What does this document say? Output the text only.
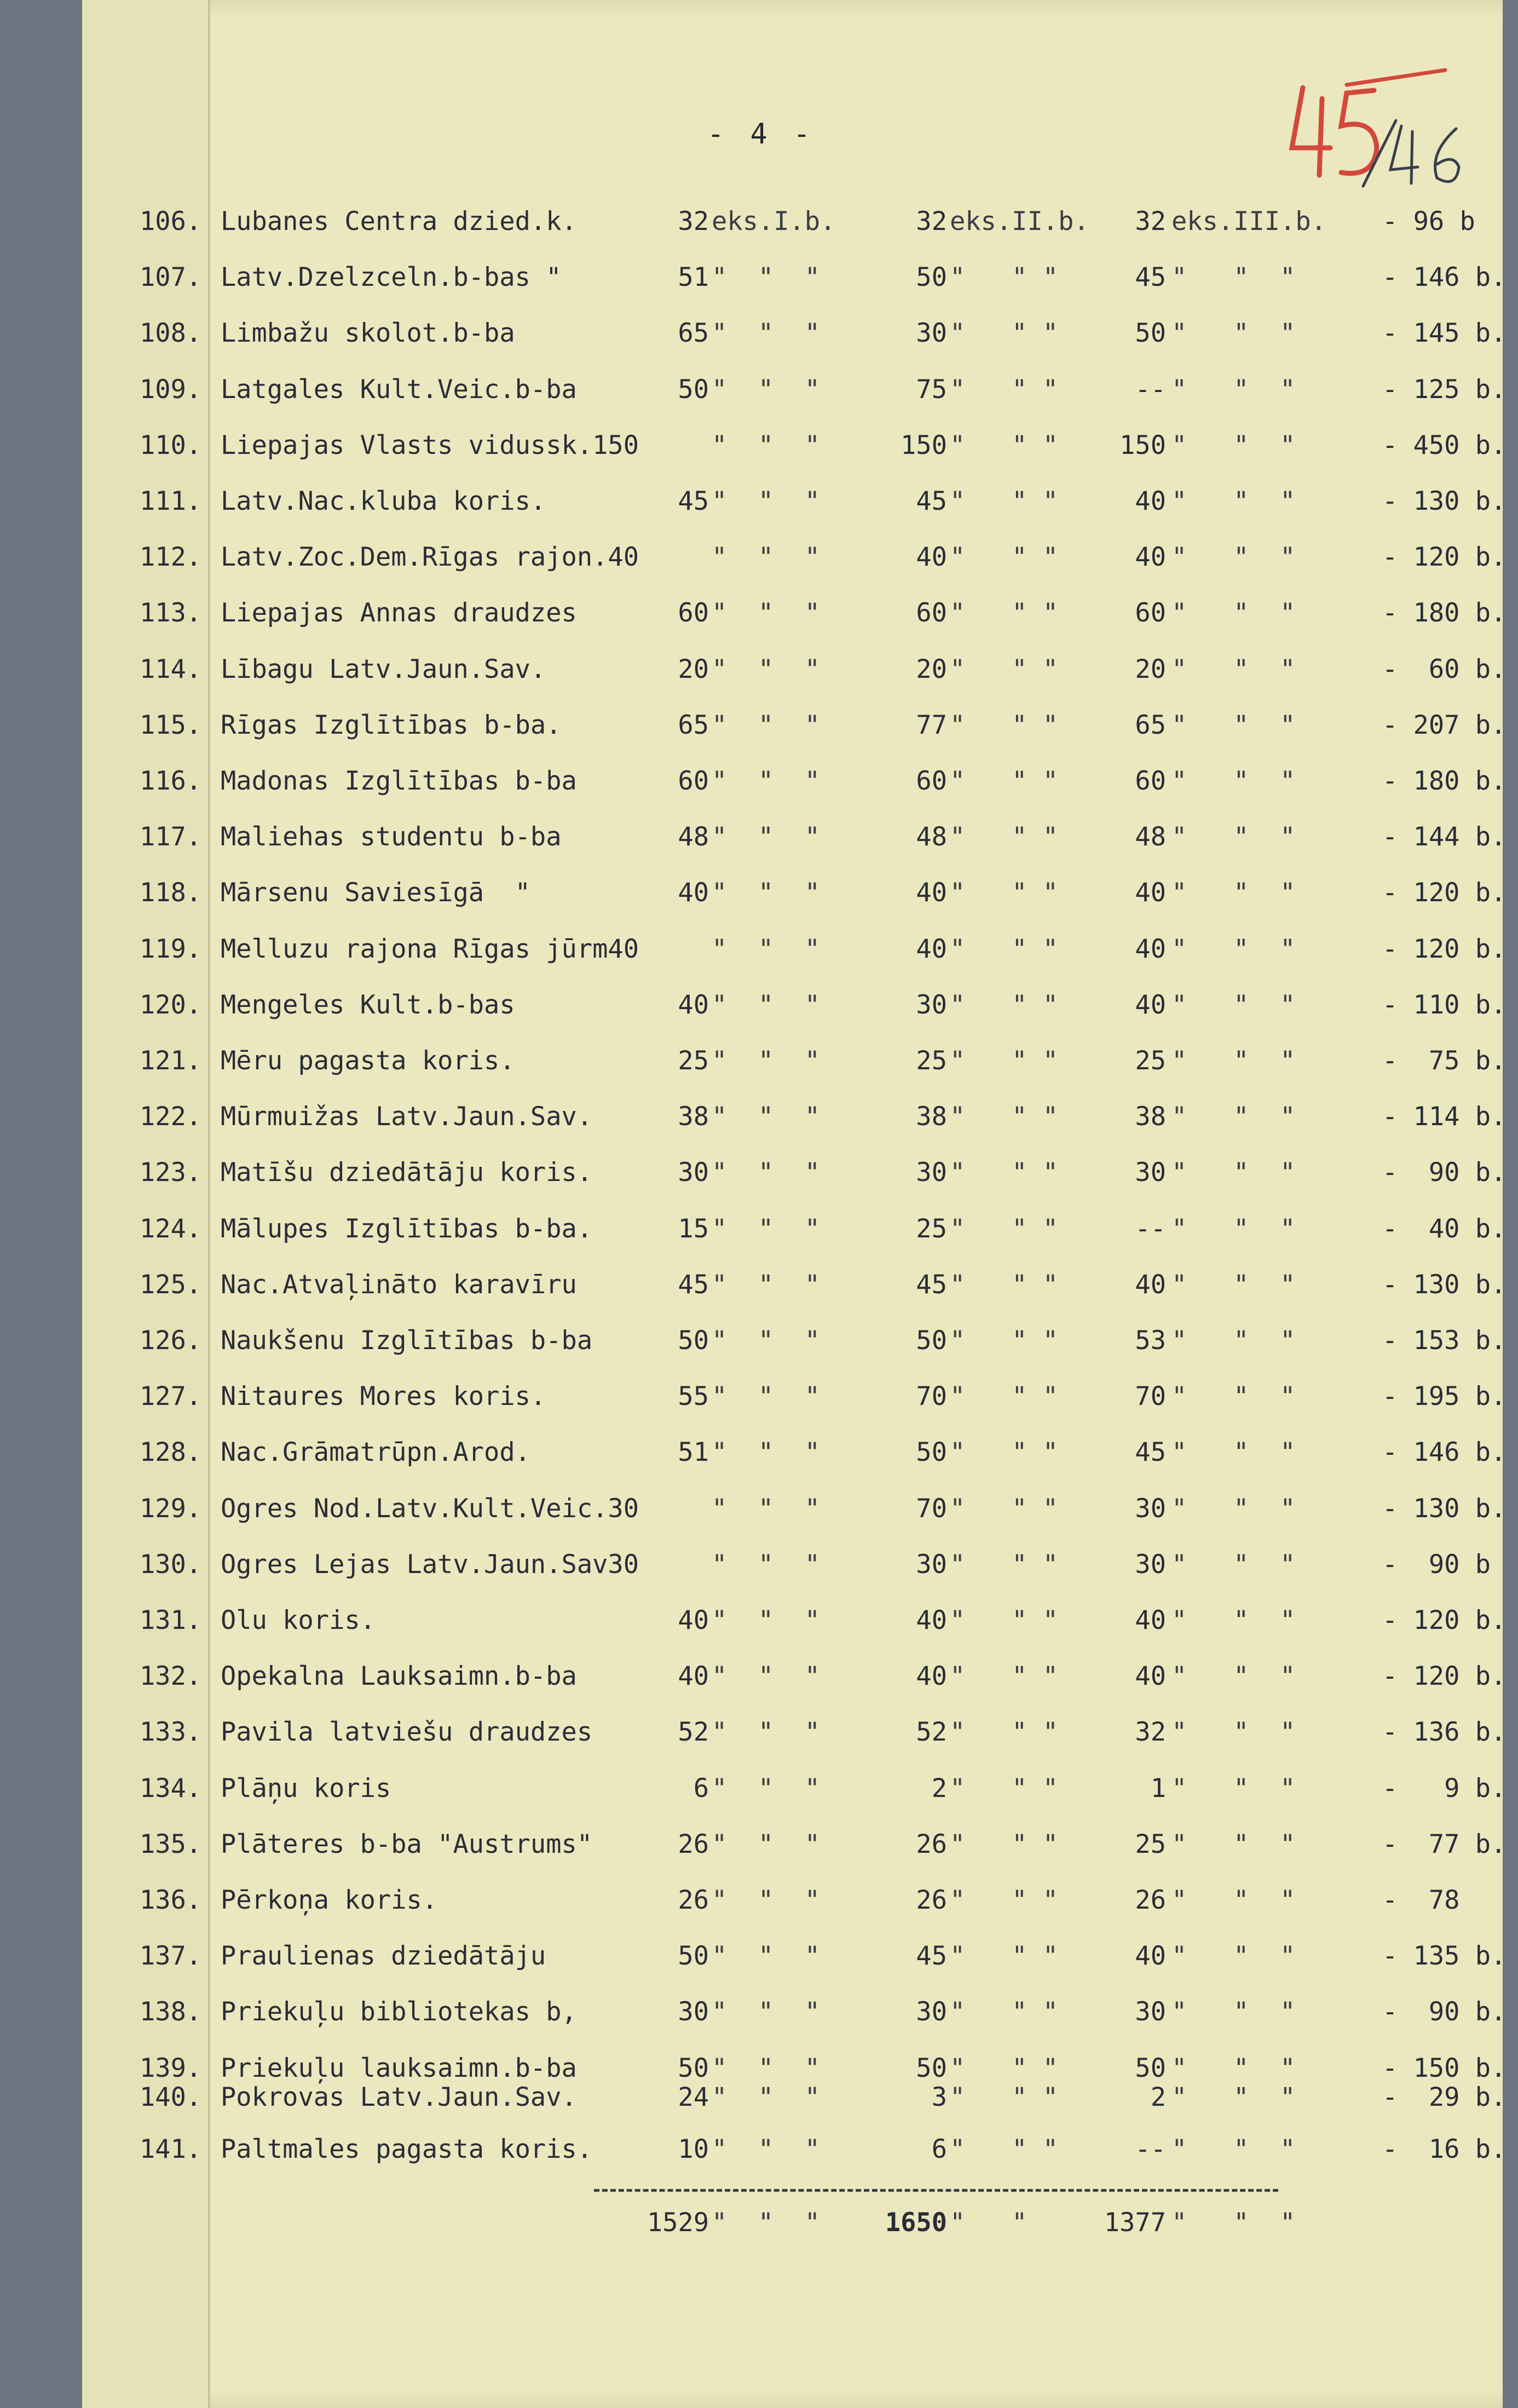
- 4 -
106. Lubanes Centra dzied.k.	32 eks.I.b.	32 eks.II.b.	32 eks.III.b.	- 96 b
107. Latv.Dzelzceln.b-bas "	51 "  "  "	50 "   " "	45 "   "  "	- 146 b.
108. Limbažu skolot.b-ba	65 "  "  "	30 "   " "	50 "   "  "	- 145 b.
109. Latgales Kult.Veic.b-ba	50 "  "  "	75 "   " "	-- "   "  "	- 125 b.
110. Liepajas Vlasts vidussk.150	"  "  "	150 "   " "	150 "   "  "	- 450 b.
111. Latv.Nac.kluba koris.	45 "  "  "	45 "   " "	40 "   "  "	- 130 b.
112. Latv.Zoc.Dem.Rīgas rajon.40	"  "  "	40 "   " "	40 "   "  "	- 120 b.
113. Liepajas Annas draudzes	60 "  "  "	60 "   " "	60 "   "  "	- 180 b.
114. Lībagu Latv.Jaun.Sav.	20 "  "  "	20 "   " "	20 "   "  "	-  60 b.
115. Rīgas Izglītības b-ba.	65 "  "  "	77 "   " "	65 "   "  "	- 207 b.
116. Madonas Izglītības b-ba	60 "  "  "	60 "   " "	60 "   "  "	- 180 b.
117. Maliehas studentu b-ba	48 "  "  "	48 "   " "	48 "   "  "	- 144 b.
118. Mārsenu Saviesīgā  "	40 "  "  "	40 "   " "	40 "   "  "	- 120 b.
119. Melluzu rajona Rīgas jūrm40	"  "  "	40 "   " "	40 "   "  "	- 120 b.
120. Mengeles Kult.b-bas	40 "  "  "	30 "   " "	40 "   "  "	- 110 b.
121. Mēru pagasta koris.	25 "  "  "	25 "   " "	25 "   "  "	-  75 b.
122. Mūrmuižas Latv.Jaun.Sav.	38 "  "  "	38 "   " "	38 "   "  "	- 114 b.
123. Matīšu dziedātāju koris.	30 "  "  "	30 "   " "	30 "   "  "	-  90 b.
124. Mālupes Izglītības b-ba.	15 "  "  "	25 "   " "	-- "   "  "	-  40 b.
125. Nac.Atvaļināto karavīru	45 "  "  "	45 "   " "	40 "   "  "	- 130 b.
126. Naukšenu Izglītības b-ba	50 "  "  "	50 "   " "	53 "   "  "	- 153 b.
127. Nitaures Mores koris.	55 "  "  "	70 "   " "	70 "   "  "	- 195 b.
128. Nac.Grāmatrūpn.Arod.	51 "  "  "	50 "   " "	45 "   "  "	- 146 b.
129. Ogres Nod.Latv.Kult.Veic.30	"  "  "	70 "   " "	30 "   "  "	- 130 b.
130. Ogres Lejas Latv.Jaun.Sav30	"  "  "	30 "   " "	30 "   "  "	-  90 b
131. Olu koris.	40 "  "  "	40 "   " "	40 "   "  "	- 120 b.
132. Opekalna Lauksaimn.b-ba	40 "  "  "	40 "   " "	40 "   "  "	- 120 b.
133. Pavila latviešu draudzes	52 "  "  "	52 "   " "	32 "   "  "	- 136 b.
134. Plāņu koris	6 "  "  "	2 "   " "	1 "   "  "	-   9 b.
135. Plāteres b-ba "Austrums"	26 "  "  "	26 "   " "	25 "   "  "	-  77 b.
136. Pērkoņa koris.	26 "  "  "	26 "   " "	26 "   "  "	-  78
137. Praulienas dziedātāju	50 "  "  "	45 "   " "	40 "   "  "	- 135 b.
138. Priekuļu bibliotekas b,	30 "  "  "	30 "   " "	30 "   "  "	-  90 b.
139. Priekuļu lauksaimn.b-ba	50 "  "  "	50 "   " "	50 "   "  "	- 150 b.
140. Pokrovas Latv.Jaun.Sav.	24 "  "  "	3 "   " "	2 "   "  "	-  29 b.
141. Paltmales pagasta koris.	10 "  "  "	6 "   " "	-- "   "  "	-  16 b.
1529 "  "  "	1650 "   "	1377 "   "  "
